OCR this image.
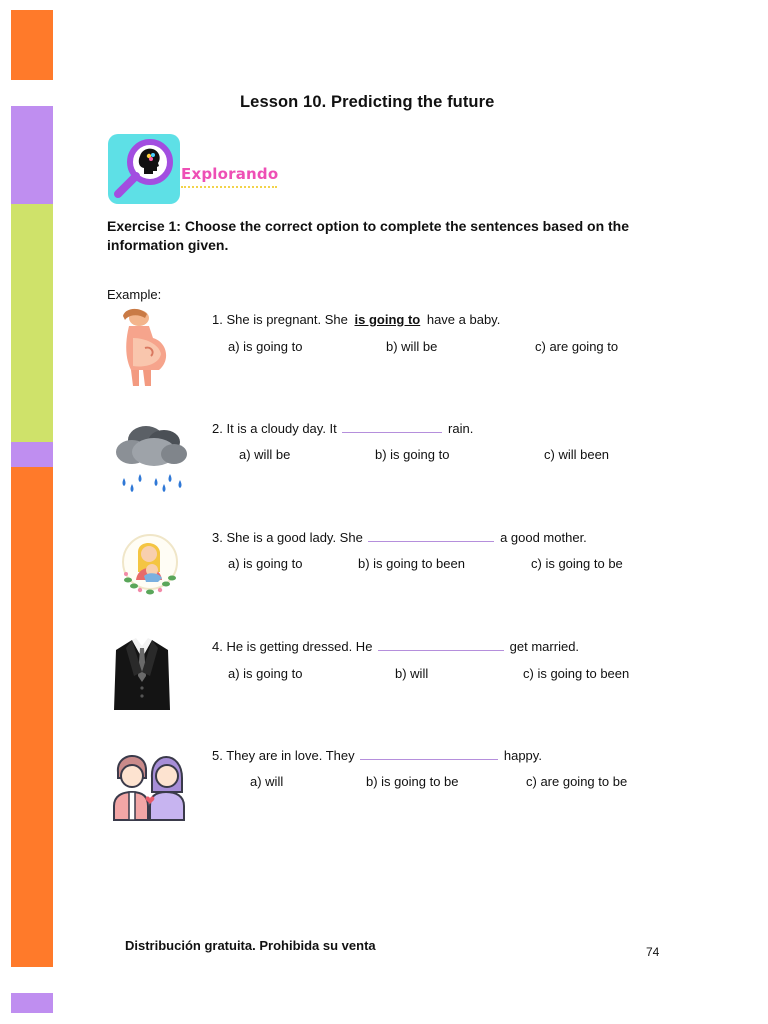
Lesson 10. Predicting the future
Explorando
Exercise 1: Choose the correct option to complete the sentences based on the information given.
Example:
1. She is pregnant. She is going to have a baby.
a) is going to	b) will be	c) are going to
2. It is a cloudy day. It	rain.
a) will be	b) is going to	c) will been
3. She is a good lady. She	a good mother.
a) is going to	b) is going to been	c) is going to be
4. He is getting dressed. He	get married.
a) is going to	b) will	c) is going to been
5. They are in love. They	happy.
a) will	b) is going to be	c) are going to be
Distribución gratuita. Prohibida su venta	74
